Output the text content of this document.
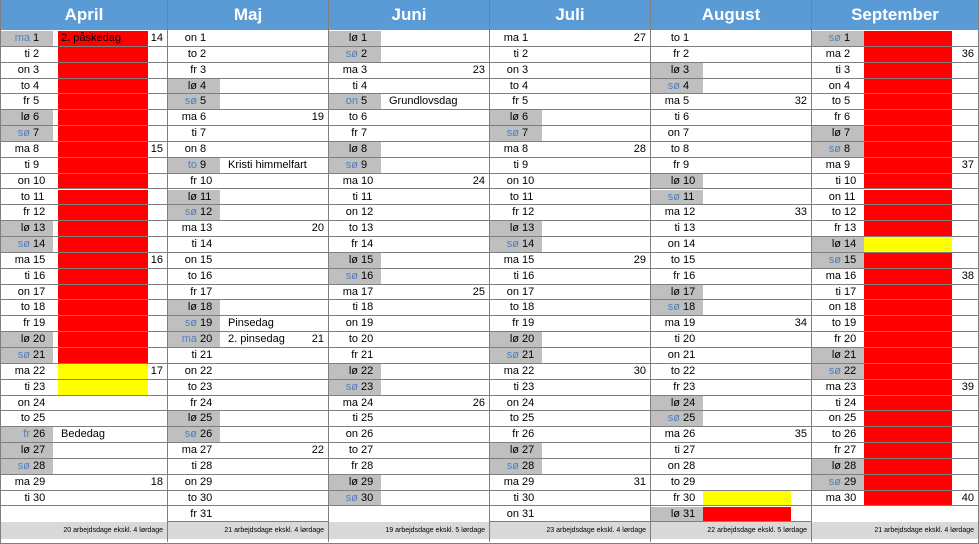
April
ma 1	2. påskedag	14
ti 2
on 3
to 4
fr 5
lø 6
sø 7
ma 8	15
ti 9
on 10
to 11
fr 12
lø 13
sø 14
ma 15	16
ti 16
on 17
to 18
fr 19
lø 20
sø 21
ma 22	17
ti 23
on 24
to 25
fr 26	Bededag
lø 27
sø 28
ma 29	18
ti 30
20 arbejdsdage ekskl. 4 lørdage
Maj
on 1
to 2
fr 3
lø 4
sø 5
ma 6	19
ti 7
on 8
to 9	Kristi himmelfart
fr 10
lø 11
sø 12
ma 13	20
ti 14
on 15
to 16
fr 17
lø 18
sø 19	Pinsedag
ma 20	2. pinsedag 21
ti 21
on 22
to 23
fr 24
lø 25
sø 26
ma 27	22
ti 28
on 29
to 30
fr 31
21 arbejdsdage ekskl. 4 lørdage
Juni
lø 1
sø 2
ma 3	23
ti 4
on 5	Grundlovsdag
to 6
fr 7
lø 8
sø 9
ma 10	24
ti 11
on 12
to 13
fr 14
lø 15
sø 16
ma 17	25
ti 18
on 19
to 20
fr 21
lø 22
sø 23
ma 24	26
ti 25
on 26
to 27
fr 28
lø 29
sø 30
19 arbejdsdage ekskl. 5 lørdage
Juli
ma 1	27
ti 2
on 3
to 4
fr 5
lø 6
sø 7
ma 8	28
ti 9
on 10
to 11
fr 12
lø 13
sø 14
ma 15	29
ti 16
on 17
to 18
fr 19
lø 20
sø 21
ma 22	30
ti 23
on 24
to 25
fr 26
lø 27
sø 28
ma 29	31
ti 30
on 31
23 arbejdsdage ekskl. 4 lørdage
August
to 1
fr 2
lø 3
sø 4
ma 5	32
ti 6
on 7
to 8
fr 9
lø 10
sø 11
ma 12	33
ti 13
on 14
to 15
fr 16
lø 17
sø 18
ma 19	34
ti 20
on 21
to 22
fr 23
lø 24
sø 25
ma 26	35
ti 27
on 28
to 29
fr 30
lø 31
22 arbejdsdage ekskl. 5 lørdage
September
sø 1
ma 2	36
ti 3
on 4
to 5
fr 6
lø 7
sø 8
ma 9	37
ti 10
on 11
to 12
fr 13
lø 14
sø 15
ma 16	38
ti 17
on 18
to 19
fr 20
lø 21
sø 22
ma 23	39
ti 24
on 25
to 26
fr 27
lø 28
sø 29
ma 30	40
21 arbejdsdage ekskl. 4 lørdage
